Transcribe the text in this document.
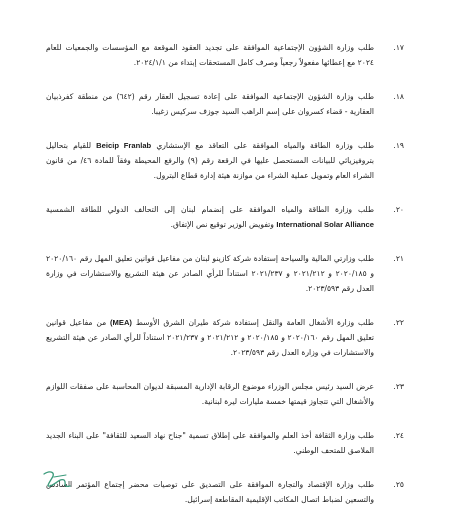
.١٧
طلب وزارة الشؤون الإجتماعية الموافقة على تجديد العقود الموقعة مع المؤسسات والجمعيات للعام ٢٠٢٤ مع إعطائها مفعولاً رجعياً وصرف كامل المستحقات إبتداء من ٢٠٢٤/١/١.
.١٨
طلب وزارة الشؤون الإجتماعية الموافقة على إعادة تسجيل العقار رقم (٦٤٢) من منطقة كفرذبيان العقارية - قضاء كسروان على إسم الراهب السيد جوزف سركيس زغيبا.
.١٩
طلب وزارة الطاقة والمياه الموافقة على التعاقد مع الإستشاري Beicip Franlab للقيام بتحاليل بتروفيزيائي للبيانات المستحصل عليها في الرقعة رقم (٩) والرفع المحيطة وفقاً للمادة ٤٦/ من قانون الشراء العام وتمويل عملية الشراء من موازنة هيئة إدارة قطاع البترول.
.٢٠
طلب وزارة الطاقة والمياه الموافقة على إنضمام لبنان إلى التحالف الدولي للطاقة الشمسية International Solar Alliance وتفويض الوزير توقيع نص الإتفاق.
.٢١
طلب وزارتي المالية والسياحة إستفادة شركة كازينو لبنان من مفاعيل قوانين تعليق المهل رقم ٢٠٢٠/١٦٠ و ٢٠٢٠/١٨٥ و ٢٠٢١/٢١٢ و ٢٠٢١/٢٣٧ استناداً للرأي الصادر عن هيئة التشريع والاستشارات في وزارة العدل رقم ٢٠٢٣/٥٩٣.
.٢٢
طلب وزارة الأشغال العامة والنقل إستفادة شركة طيران الشرق الأوسط (MEA) من مفاعيل قوانين تعليق المهل رقم ٢٠٢٠/١٦٠ و ٢٠٢٠/١٨٥ و ٢٠٢١/٢١٢ و ٢٠٢١/٢٣٧ استناداً للرأي الصادر عن هيئة التشريع والاستشارات في وزارة العدل رقم ٢٠٢٣/٥٩٣.
.٢٣
عرض السيد رئيس مجلس الوزراء موضوع الرقابة الإدارية المسبقة لديوان المحاسبة على صفقات اللوازم والأشغال التي تتجاوز قيمتها خمسة مليارات ليرة لبنانية.
.٢٤
طلب وزارة الثقافة أخذ العلم والموافقة على إطلاق تسمية "جناح نهاد السعيد للثقافة" على البناء الجديد الملاصق للمتحف الوطني.
.٢٥
طلب وزارة الإقتصاد والتجارة الموافقة على التصديق على توصيات محضر إجتماع المؤتمر السادس والتسعين لضباط اتصال المكاتب الإقليمية المقاطعة إسرائيل.
